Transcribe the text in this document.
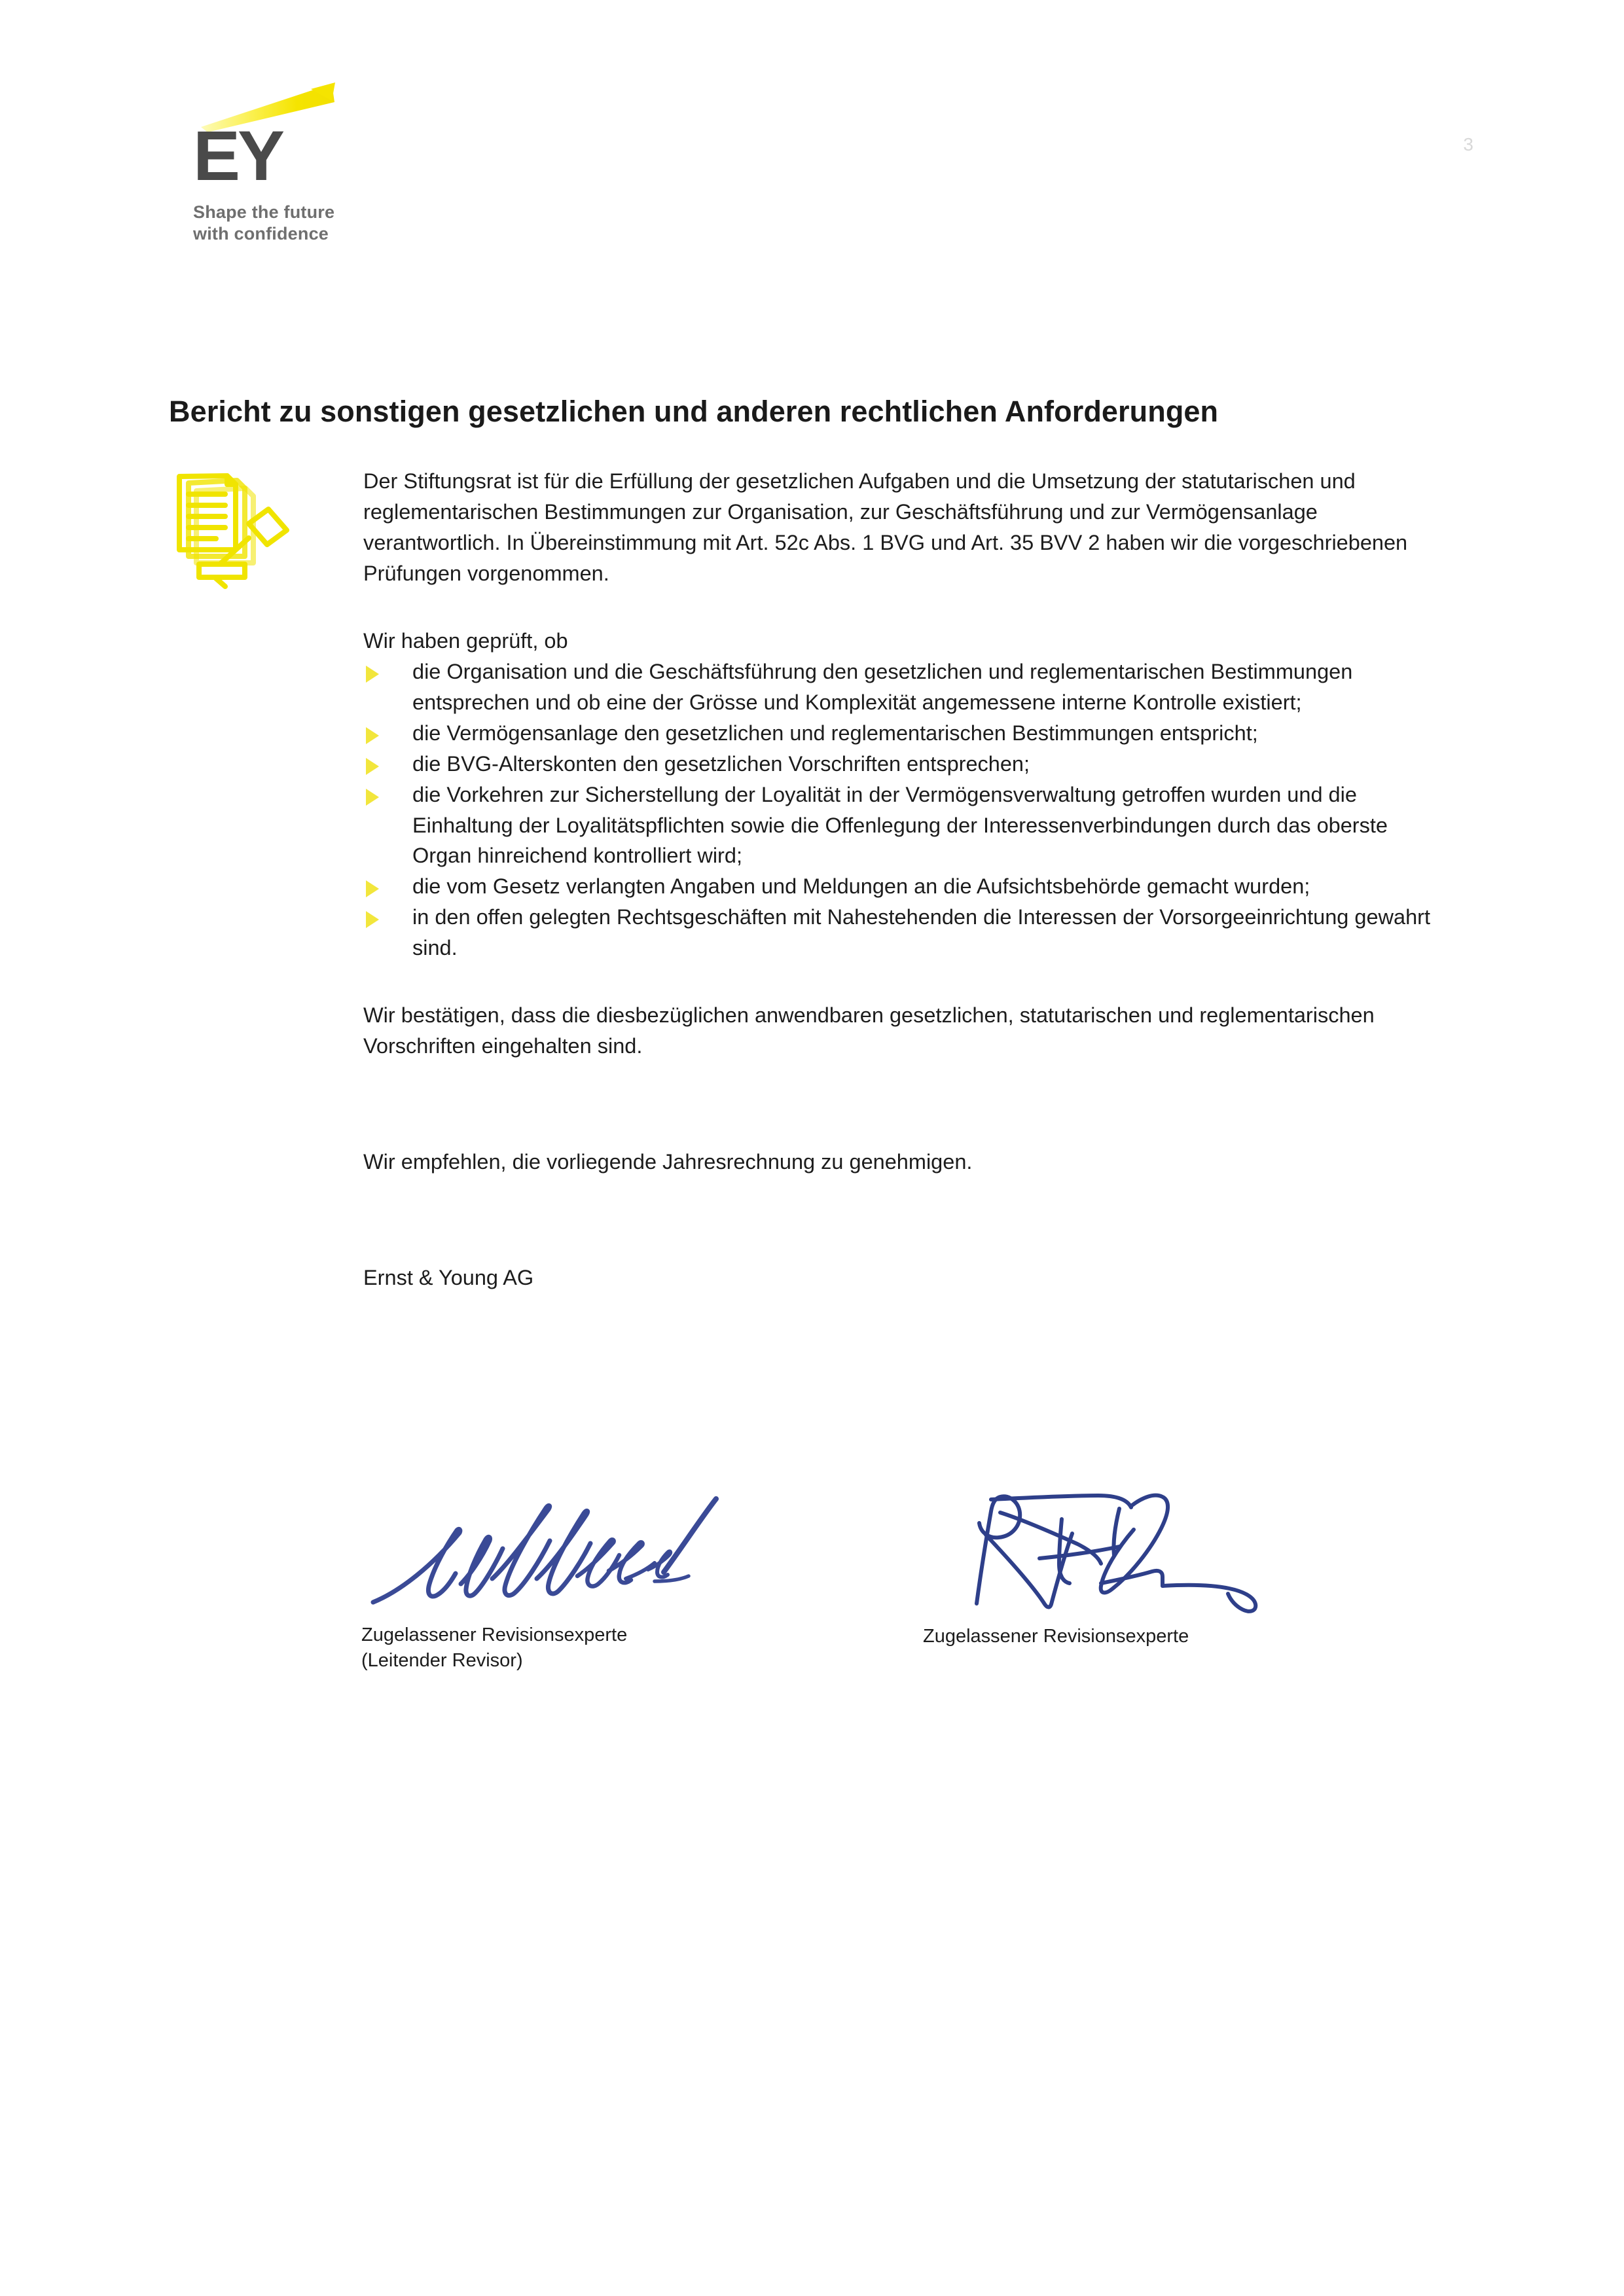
EY
Shape the future
with confidence
3
Bericht zu sonstigen gesetzlichen und anderen rechtlichen Anforderungen

Der Stiftungsrat ist für die Erfüllung der gesetzlichen Aufgaben und die Umsetzung der statutarischen und reglementarischen Bestimmungen zur Organisation, zur Geschäftsführung und zur Vermögensanlage verantwortlich. In Übereinstimmung mit Art. 52c Abs. 1 BVG und Art. 35 BVV 2 haben wir die vorgeschriebenen Prüfungen vorgenommen.

Wir haben geprüft, ob

die Organisation und die Geschäftsführung den gesetzlichen und reglementarischen Bestimmungen entsprechen und ob eine der Grösse und Komplexität angemessene interne Kontrolle existiert;
die Vermögensanlage den gesetzlichen und reglementarischen Bestimmungen entspricht;
die BVG-Alterskonten den gesetzlichen Vorschriften entsprechen;
die Vorkehren zur Sicherstellung der Loyalität in der Vermögensverwaltung getroffen wurden und die Einhaltung der Loyalitätspflichten sowie die Offenlegung der Interessenverbindungen durch das oberste Organ hinreichend kontrolliert wird;
die vom Gesetz verlangten Angaben und Meldungen an die Aufsichtsbehörde gemacht wurden;
in den offen gelegten Rechtsgeschäften mit Nahestehenden die Interessen der Vorsorgeeinrichtung gewahrt sind.

Wir bestätigen, dass die diesbezüglichen anwendbaren gesetzlichen, statutarischen und reglementarischen Vorschriften eingehalten sind.

Wir empfehlen, die vorliegende Jahresrechnung zu genehmigen.

Ernst & Young AG

Zugelassener Revisionsexperte
(Leitender Revisor)
Zugelassener Revisionsexperte
